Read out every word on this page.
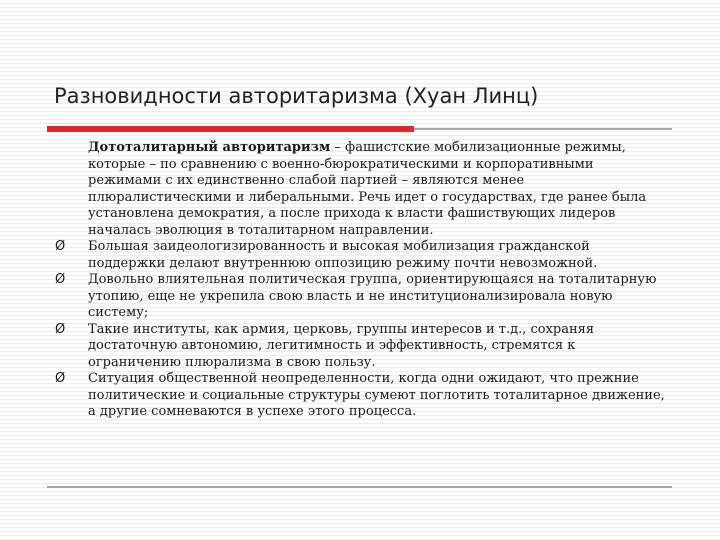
Разновидности авторитаризма (Хуан Линц)

Дототалитарный авторитаризм – фашистские мобилизационные режимы, которые – по сравнению с военно-бюрократическими и корпоративными режимами с их единственно слабой партией – являются менее плюралистическими и либеральными. Речь идет о государствах, где ранее была установлена демократия, а после прихода к власти фашиствующих лидеров началась эволюция в тоталитарном направлении.

Ø Большая заидеологизированность и высокая мобилизация гражданской поддержки делают внутреннюю оппозицию режиму почти невозможной.

Ø Довольно влиятельная политическая группа, ориентирующаяся на тоталитарную утопию, еще не укрепила свою власть и не институционализировала новую систему;

Ø Такие институты, как армия, церковь, группы интересов и т.д., сохраняя достаточную автономию, легитимность и эффективность, стремятся к ограничению плюрализма в свою пользу.

Ø Ситуация общественной неопределенности, когда одни ожидают, что прежние политические и социальные структуры сумеют поглотить тоталитарное движение, а другие сомневаются в успехе этого процесса.
